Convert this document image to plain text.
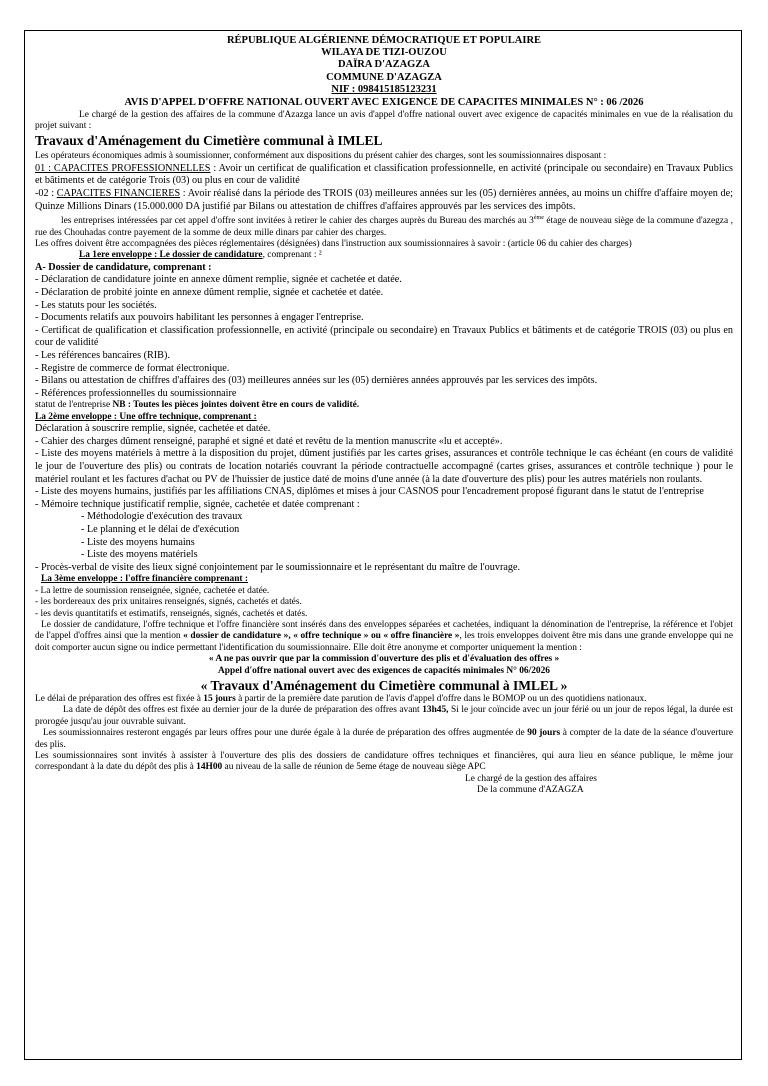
RÉPUBLIQUE ALGÉRIENNE DÉMOCRATIQUE ET POPULAIRE
WILAYA DE TIZI-OUZOU
DAÏRA D'AZAGZA
COMMUNE D'AZAGZA
NIF : 098415185123231
AVIS D'APPEL D'OFFRE NATIONAL OUVERT AVEC EXIGENCE DE CAPACITES MINIMALES N° : 06 /2026

Le chargé de la gestion des affaires de la commune d'Azazga lance un avis d'appel d'offre national ouvert avec exigence de capacités minimales en vue de la réalisation du projet suivant :

Travaux d'Aménagement du Cimetière communal à IMLEL

Les opérateurs économiques admis à soumissionner, conformément aux dispositions du présent cahier des charges, sont les soumissionnaires disposant :

01 : CAPACITES PROFESSIONNELLES : Avoir un certificat de qualification et classification professionnelle, en activité (principale ou secondaire) en Travaux Publics et bâtiments et de catégorie Trois (03) ou plus en cour de validité

-02 : CAPACITES FINANCIERES : Avoir réalisé dans la période des TROIS (03) meilleures années sur les (05) dernières années, au moins un chiffre d'affaire moyen de; Quinze Millions Dinars (15.000.000 DA justifié par Bilans ou attestation de chiffres d'affaires approuvés par les services des impôts.

les entreprises intéressées par cet appel d'offre sont invitées à retirer le cahier des charges auprès du Bureau des marchés au 3ème étage de nouveau siège de la commune d'azegza , rue des Chouhadas contre payement de la somme de deux mille dinars par cahier des charges.

Les offres doivent être accompagnées des pièces réglementaires (désignées) dans l'instruction aux soumissionnaires à savoir : (article 06 du cahier des charges)

La 1ere enveloppe : Le dossier de candidature, comprenant : ²

A- Dossier de candidature, comprenant :

- Déclaration de candidature jointe en annexe dûment remplie, signée et cachetée et datée.
- Déclaration de probité jointe en annexe dûment remplie, signée et cachetée et datée.
- Les statuts pour les sociétés.
- Documents relatifs aux pouvoirs habilitant les personnes à engager l'entreprise.
- Certificat de qualification et classification professionnelle, en activité (principale ou secondaire) en Travaux Publics et bâtiments et de catégorie TROIS (03) ou plus en cour de validité
- Les références bancaires (RIB).
- Registre de commerce de format électronique.
- Bilans ou attestation de chiffres d'affaires des (03) meilleures années sur les (05) dernières années approuvés par les services des impôts.
- Références professionnelles du soumissionnaire

statut de l'entreprise NB : Toutes les pièces jointes doivent être en cours de validité.

La 2ème enveloppe : Une offre technique, comprenant :

Déclaration à souscrire remplie, signée, cachetée et datée.
- Cahier des charges dûment renseigné, paraphé et signé et daté et revêtu de la mention manuscrite «lu et accepté».
- Liste des moyens matériels à mettre à la disposition du projet, dûment justifiés par les cartes grises, assurances et contrôle technique le cas échéant (en cours de validité le jour de l'ouverture des plis) ou contrats de location notariés couvrant la période contractuelle accompagné (cartes grises, assurances et contrôle technique ) pour le matériel roulant et les factures d'achat ou PV de l'huissier de justice daté de moins d'une année (à la date d'ouverture des plis) pour les autres matériels non roulants.
- Liste des moyens humains, justifiés par les affiliations CNAS, diplômes et mises à jour CASNOS pour l'encadrement proposé figurant dans le statut de l'entreprise
- Mémoire technique justificatif remplie, signée, cachetée et datée comprenant :
- Méthodologie d'exécution des travaux
- Le planning et le délai de d'exécution
- Liste des moyens humains
- Liste des moyens matériels

- Procès-verbal de visite des lieux signé conjointement par le soumissionnaire et le représentant du maître de l'ouvrage.

La 3ème enveloppe : l'offre financière comprenant :

- La lettre de soumission renseignée, signée, cachetée et datée.
- les bordereaux des prix unitaires renseignés, signés, cachetés et datés.
- les devis quantitatifs et estimatifs, renseignés, signés, cachetés et datés.

Le dossier de candidature, l'offre technique et l'offre financière sont insérés dans des enveloppes séparées et cachetées, indiquant la dénomination de l'entreprise, la référence et l'objet de l'appel d'offres ainsi que la mention « dossier de candidature », « offre technique » ou « offre financière », les trois enveloppes doivent être mis dans une grande enveloppe qui ne doit comporter aucun signe ou indice permettant l'identification du soumissionnaire. Elle doit être anonyme et comporter uniquement la mention :

« A ne pas ouvrir que par la commission d'ouverture des plis et d'évaluation des offres »

Appel d'offre national ouvert avec des exigences de capacités minimales N° 06/2026

« Travaux d'Aménagement du Cimetière communal à IMLEL »

Le délai de préparation des offres est fixée à 15 jours à partir de la première date parution de l'avis d'appel d'offre dans le BOMOP ou un des quotidiens nationaux.

La date de dépôt des offres est fixée au dernier jour de la durée de préparation des offres avant 13h45, Si le jour coïncide avec un jour férié ou un jour de repos légal, la durée est prorogée jusqu'au jour ouvrable suivant.

Les soumissionnaires resteront engagés par leurs offres pour une durée égale à la durée de préparation des offres augmentée de 90 jours à compter de la date de la séance d'ouverture des plis.

Les soumissionnaires sont invités à assister à l'ouverture des plis des dossiers de candidature offres techniques et financières, qui aura lieu en séance publique, le même jour correspondant à la date du dépôt des plis à 14H00 au niveau de la salle de réunion de 5eme étage de nouveau siège APC

Le chargé de la gestion des affaires
De la commune d'AZAGZA
